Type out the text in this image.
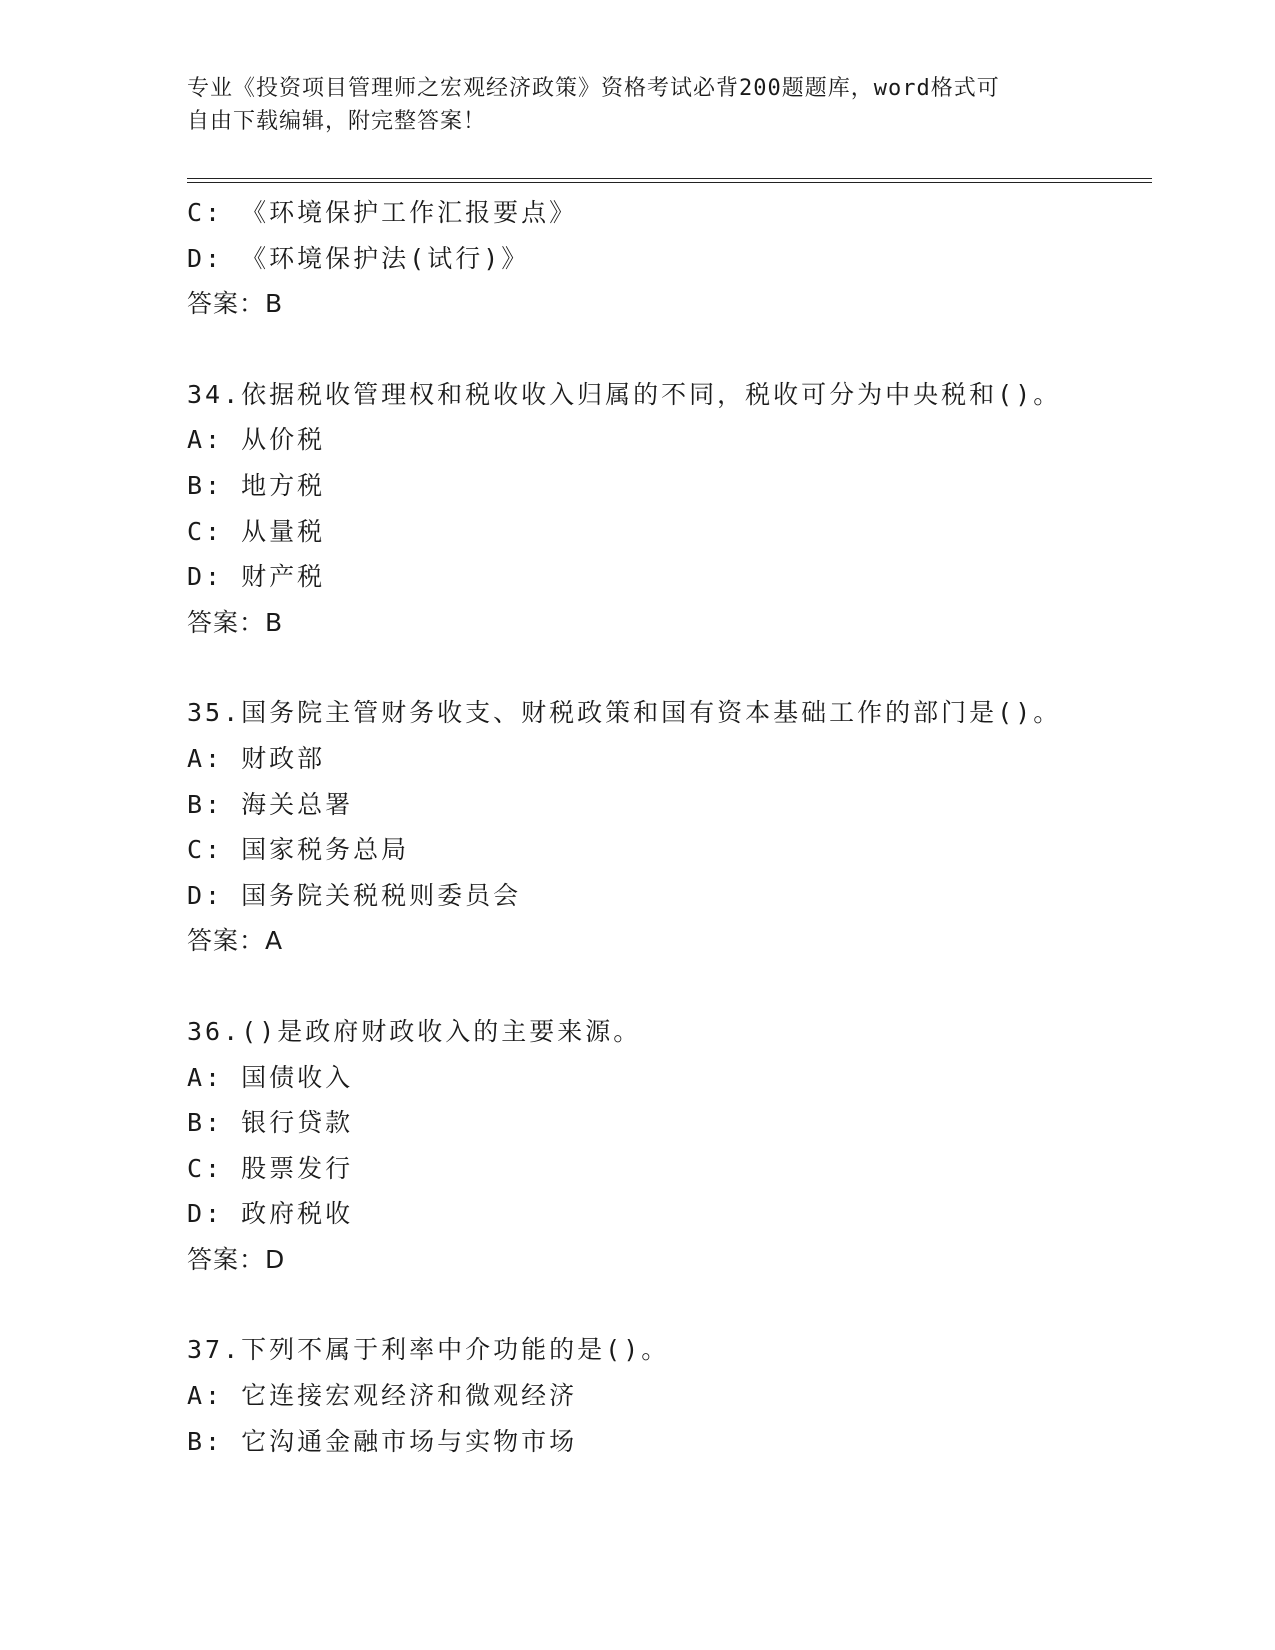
专业《投资项目管理师之宏观经济政策》资格考试必背200题题库，word格式可
自由下载编辑，附完整答案！
C: 《环境保护工作汇报要点》
D: 《环境保护法(试行)》
答案：B
34.依据税收管理权和税收收入归属的不同，税收可分为中央税和()。
A: 从价税
B: 地方税
C: 从量税
D: 财产税
答案：B
35.国务院主管财务收支、财税政策和国有资本基础工作的部门是()。
A: 财政部
B: 海关总署
C: 国家税务总局
D: 国务院关税税则委员会
答案：A
36.()是政府财政收入的主要来源。
A: 国债收入
B: 银行贷款
C: 股票发行
D: 政府税收
答案：D
37.下列不属于利率中介功能的是()。
A: 它连接宏观经济和微观经济
B: 它沟通金融市场与实物市场
